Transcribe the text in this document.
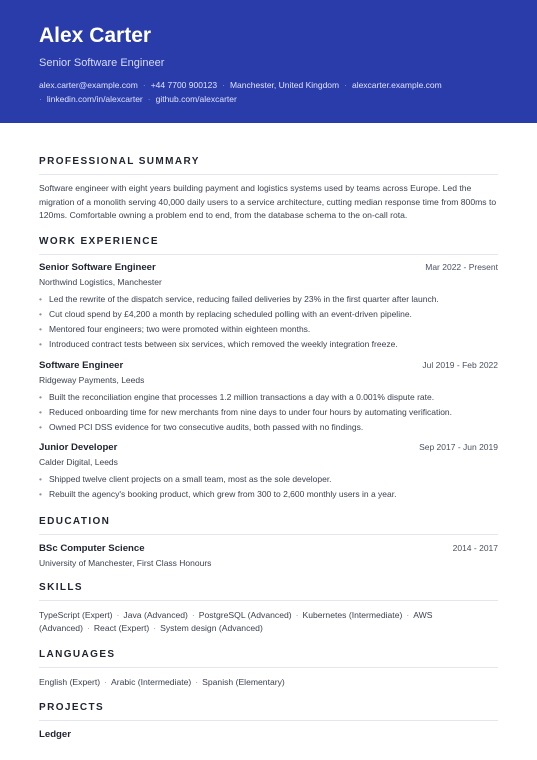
Alex Carter
Senior Software Engineer
alex.carter@example.com · +44 7700 900123 · Manchester, United Kingdom · alexcarter.example.com
· linkedin.com/in/alexcarter · github.com/alexcarter
PROFESSIONAL SUMMARY

Software engineer with eight years building payment and logistics systems used by teams across Europe. Led the migration of a monolith serving 40,000 daily users to a service architecture, cutting median response time from 800ms to 120ms. Comfortable owning a problem end to end, from the database schema to the on-call rota.

WORK EXPERIENCE
Senior Software Engineer	Mar 2022 - Present
Northwind Logistics, Manchester
• Led the rewrite of the dispatch service, reducing failed deliveries by 23% in the first quarter after launch.
• Cut cloud spend by £4,200 a month by replacing scheduled polling with an event-driven pipeline.
• Mentored four engineers; two were promoted within eighteen months.
• Introduced contract tests between six services, which removed the weekly integration freeze.
Software Engineer	Jul 2019 - Feb 2022
Ridgeway Payments, Leeds
• Built the reconciliation engine that processes 1.2 million transactions a day with a 0.001% dispute rate.
• Reduced onboarding time for new merchants from nine days to under four hours by automating verification.
• Owned PCI DSS evidence for two consecutive audits, both passed with no findings.
Junior Developer	Sep 2017 - Jun 2019
Calder Digital, Leeds
• Shipped twelve client projects on a small team, most as the sole developer.
• Rebuilt the agency's booking product, which grew from 300 to 2,600 monthly users in a year.
EDUCATION
BSc Computer Science	2014 - 2017
University of Manchester, First Class Honours
SKILLS
TypeScript (Expert) · Java (Advanced) · PostgreSQL (Advanced) · Kubernetes (Intermediate) · AWS (Advanced) · React (Expert) · System design (Advanced)
LANGUAGES
English (Expert) · Arabic (Intermediate) · Spanish (Elementary)
PROJECTS
Ledger
